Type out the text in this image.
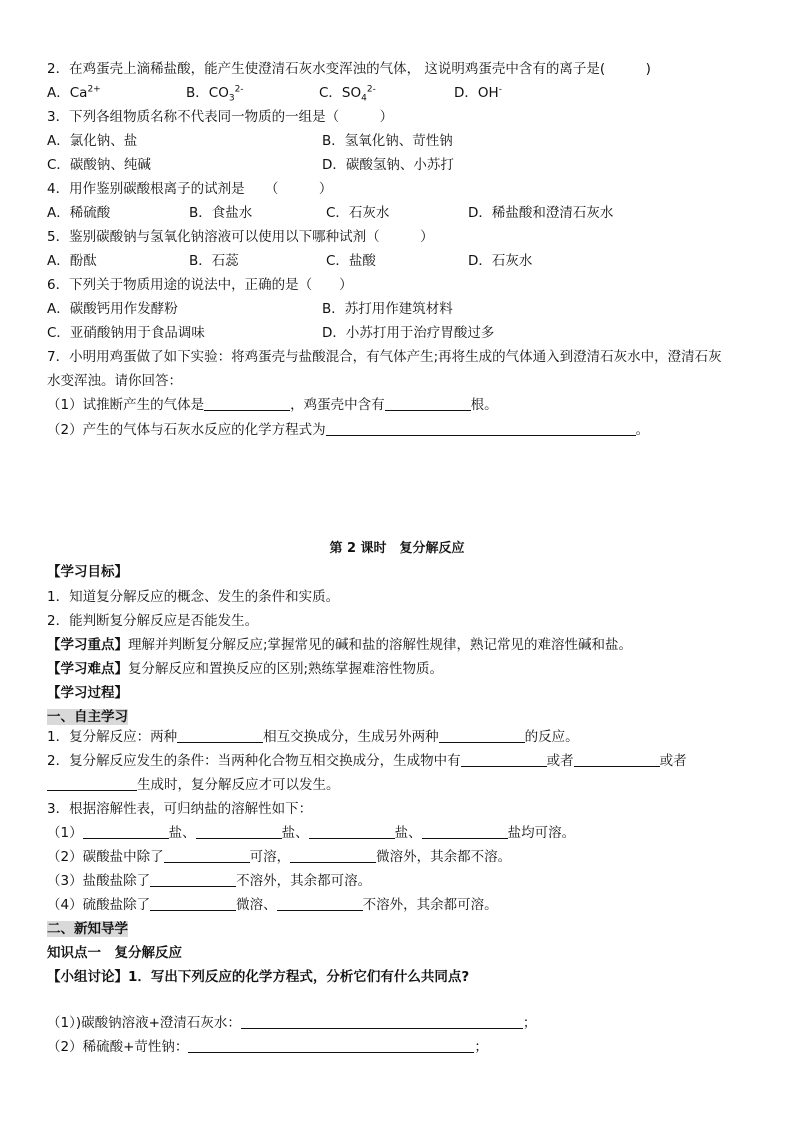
2．在鸡蛋壳上滴稀盐酸，能产生使澄清石灰水变浑浊的气体， 这说明鸡蛋壳中含有的离子是(　　　)
A．$Ca^{2+}$	B．$CO_3^{2-}$	C．$SO_4^{2-}$	D．OH-
3．下列各组物质名称不代表同一物质的一组是（　　　）
A．氯化钠、盐	B．氢氧化钠、苛性钠
C．碳酸钠、纯碱	D．碳酸氢钠、小苏打
4．用作鉴别碳酸根离子的试剂是　　（　　　）
A．稀硫酸	B．食盐水	C．石灰水	D．稀盐酸和澄清石灰水
5．鉴别碳酸钠与氢氧化钠溶液可以使用以下哪种试剂（　　　）
A．酚酞	B．石蕊	C．盐酸	D．石灰水
6．下列关于物质用途的说法中，正确的是（　　）
A．碳酸钙用作发酵粉	B．苏打用作建筑材料
C．亚硝酸钠用于食品调味	D．小苏打用于治疗胃酸过多
7．小明用鸡蛋做了如下实验：将鸡蛋壳与盐酸混合，有气体产生;再将生成的气体通入到澄清石灰水中，澄清石灰
水变浑浊。请你回答：
（1）试推断产生的气体是	，鸡蛋壳中含有	根。
（2）产生的气体与石灰水反应的化学方程式为	。
第 2 课时　复分解反应
【学习目标】
1．知道复分解反应的概念、发生的条件和实质。
2．能判断复分解反应是否能发生。
【学习重点】理解并判断复分解反应;掌握常见的碱和盐的溶解性规律，熟记常见的难溶性碱和盐。
【学习难点】复分解反应和置换反应的区别;熟练掌握难溶性物质。
【学习过程】
一、自主学习
1．复分解反应：两种	相互交换成分，生成另外两种	的反应。
2．复分解反应发生的条件：当两种化合物互相交换成分，生成物中有	或者	或者
生成时，复分解反应才可以发生。
3．根据溶解性表，可归纳盐的溶解性如下：
（1）	盐、	盐、	盐、	盐均可溶。
（2）碳酸盐中除了	可溶，	微溶外，其余都不溶。
（3）盐酸盐除了	不溶外，其余都可溶。
（4）硫酸盐除了	微溶、	不溶外，其余都可溶。
二、新知导学
知识点一　复分解反应
【小组讨论】1．写出下列反应的化学方程式，分析它们有什么共同点?
（1）)碳酸钠溶液+澄清石灰水：	；
（2）稀硫酸+苛性钠：	；
